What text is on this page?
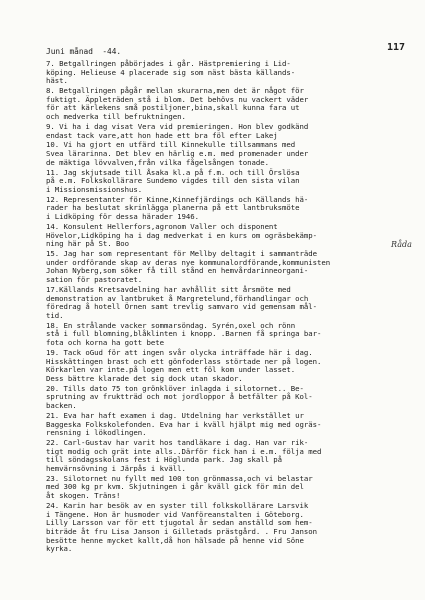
Juni månad  -44.	117
Råda
7. Betgallringen påbörjades i går. Hästpremiering i Lid-
köping. Helieuse 4 placerade sig som näst bästa källands-
häst.
8. Betgallringen pågår mellan skurarna,men det är något för
fuktigt. Äppleträden stå i blom. Det behövs nu vackert väder
för att kärlekens små postiljoner,bina,skall kunna fara ut
och medverka till befruktningen.
9. Vi ha i dag visat Vera vid premieringen. Hon blev godkänd
endast tack vare,att hon hade ett bra föl efter Lakej
10. Vi ha gjort en utfärd till Kinnekulle tillsammans med
Svea lärarinna. Det blev en härlig e.m. med promenader under
de mäktiga lövvalven,från vilka fågelsången tonade.
11. Jag skjutsade till Åsaka kl.a på f.m. och till Örslösa
på e.m. Folkskollärare Sundemo vigdes till den sista vilan
i Missionsmissionshus.
12. Representanter för Kinne,Kinnefjärdings och Källands hä-
rader ha beslutat skrinlägga planerna på ett lantbruksmöte
i Lidköping för dessa härader 1946.
14. Konsulent Hellerfors,agronom Valler och disponent
Hövelor,Lidköping ha i dag medverkat i en kurs om ogräsbekämp-
ning här på St. Boo
15. Jag har som representant för Mellby deltagit i sammanträde
under ordförande skap av deras nye kommunalordförande,kommunisten
Johan Nyberg,som söker få till stånd en hemvårdarinneorgani-
sation för pastoratet.
17.Källands Kretsavdelning har avhållit sitt årsmöte med
demonstration av lantbruket å Margretelund,förhandlingar och
föredrag å hotell Örnen samt trevlig samvaro vid gemensam mål-
tid.
18. En strålande vacker sommarsöndag. Syrén,oxel och rönn
stå i full blomning,blåklinten i knopp. .Barnen få springa bar-
fota och korna ha gott bete
19. Tack oGud för att ingen svår olycka inträffade här i dag.
Hisskättingen brast och ett gönfoderlass störtade ner på logen.
Körkarlen var inte.på logen men ett föl kom under lasset.
Dess bättre klarade det sig dock utan skador.
20. Tills dato 75 ton grönklöver inlagda i silotornet.. Be-
sprutning av fruktträd och mot jordloppor å betfälter på Kol-
backen.
21. Eva har haft examen i dag. Utdelning har verkstället ur
Baggeska Folkskolefonden. Eva har i kväll hjälpt mig med ogräs-
rensning i lökodlingen.
22. Carl-Gustav har varit hos tandläkare i dag. Han var rik-
tigt modig och grät inte alls..Därför fick han i e.m. följa med
till söndagsskolans fest i Höglunda park. Jag skall på
hemvärnsövning i Järpås i kväll.
23. Silotornet nu fyllt med 100 ton grönmassa,och vi belastar
med 300 kg pr kvm. Skjutningen i går kväll gick för min del
åt skogen. Träns!
24. Karin har besök av en syster till folkskollärare Larsvik
i Tängene. Hon är husmoder vid Vanföreanstalten i Göteborg.
Lilly Larsson var för ett tjugotal år sedan anställd som hem-
biträde åt fru Lisa Janson i Gilletads prästgård. . Fru Janson
besötte henne mycket kallt,då hon hälsade på henne vid Söne
kyrka.
